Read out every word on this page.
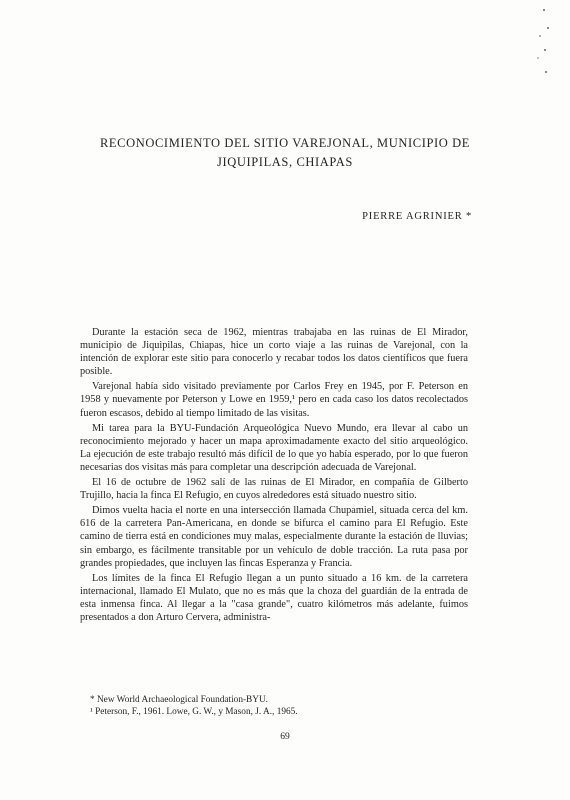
RECONOCIMIENTO DEL SITIO VAREJONAL, MUNICIPIO DE
JIQUIPILAS, CHIAPAS
PIERRE AGRINIER *

Durante la estación seca de 1962, mientras trabajaba en las ruinas de El Mirador, municipio de Jiquipilas, Chiapas, hice un corto viaje a las ruinas de Varejonal, con la intención de explorar este sitio para conocerlo y recabar todos los datos científicos que fuera posible.

Varejonal había sido visitado previamente por Carlos Frey en 1945, por F. Peterson en 1958 y nuevamente por Peterson y Lowe en 1959,¹ pero en cada caso los datos recolectados fueron escasos, debido al tiempo limitado de las visitas.

Mi tarea para la BYU-Fundación Arqueológica Nuevo Mundo, era llevar al cabo un reconocimiento mejorado y hacer un mapa aproximadamente exacto del sitio arqueológico. La ejecución de este trabajo resultó más difícil de lo que yo había esperado, por lo que fueron necesarias dos visitas más para completar una descripción adecuada de Varejonal.

El 16 de octubre de 1962 salí de las ruinas de El Mirador, en compañía de Gilberto Trujillo, hacia la finca El Refugio, en cuyos alrededores está situado nuestro sitio.

Dimos vuelta hacia el norte en una intersección llamada Chupamiel, situada cerca del km. 616 de la carretera Pan-Americana, en donde se bifurca el camino para El Refugio. Este camino de tierra está en condiciones muy malas, especialmente durante la estación de lluvias; sin embargo, es fácilmente transitable por un vehículo de doble tracción. La ruta pasa por grandes propiedades, que incluyen las fincas Esperanza y Francia.

Los límites de la finca El Refugio llegan a un punto situado a 16 km. de la carretera internacional, llamado El Mulato, que no es más que la choza del guardián de la entrada de esta inmensa finca. Al llegar a la "casa grande", cuatro kilómetros más adelante, fuimos presentados a don Arturo Cervera, administra-

* New World Archaeological Foundation-BYU.
¹ Peterson, F., 1961. Lowe, G. W., y Mason, J. A., 1965.
69
